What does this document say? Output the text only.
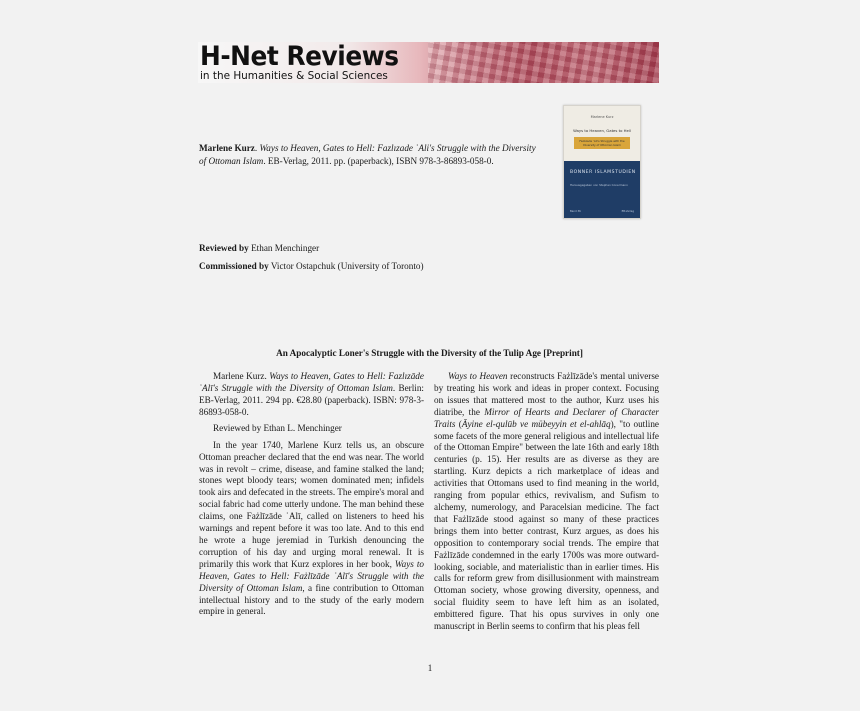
H-Net Reviews
in the Humanities & Social Sciences
Marlene Kurz. Ways to Heaven, Gates to Hell: Fazlızade ʿAli's Struggle with the Diversity of Ottoman Islam. EB-Verlag, 2011. pp. (paperback), ISBN 978-3-86893-058-0.
Marlene Kurz
Ways to Heaven, Gates to Hell
Fazlızade ʿAli's Struggle with the Diversity of Ottoman Islam
BONNER ISLAMSTUDIEN
Herausgegeben von Stephan Conermann
Band 36	EB-Verlag
Reviewed by Ethan Menchinger
Commissioned by Victor Ostapchuk (University of Toronto)
An Apocalyptic Loner's Struggle with the Diversity of the Tulip Age [Preprint]

Marlene Kurz. Ways to Heaven, Gates to Hell: Fazlızāde ʿAlī's Struggle with the Diversity of Ottoman Islam. Berlin: EB-Verlag, 2011. 294 pp. €28.80 (paperback). ISBN: 978-3-86893-058-0.

Reviewed by Ethan L. Menchinger

In the year 1740, Marlene Kurz tells us, an obscure Ottoman preacher declared that the end was near. The world was in revolt – crime, disease, and famine stalked the land; stones wept bloody tears; women dominated men; infidels took airs and defecated in the streets. The empire's moral and social fabric had come utterly undone. The man behind these claims, one Fażlīzāde ʿAlī, called on listeners to heed his warnings and repent before it was too late. And to this end he wrote a huge jeremiad in Turkish denouncing the corruption of his day and urging moral renewal. It is primarily this work that Kurz explores in her book, Ways to Heaven, Gates to Hell: Fażlīzāde ʿAlī's Struggle with the Diversity of Ottoman Islam, a fine contribution to Ottoman intellectual history and to the study of the early modern empire in general.

Ways to Heaven reconstructs Fażlīzāde's mental universe by treating his work and ideas in proper context. Focusing on issues that mattered most to the author, Kurz uses his diatribe, the Mirror of Hearts and Declarer of Character Traits (Āyine el-qulūb ve mübeyyin et el-ahlāq), "to outline some facets of the more general religious and intellectual life of the Ottoman Empire" between the late 16th and early 18th centuries (p. 15). Her results are as diverse as they are startling. Kurz depicts a rich marketplace of ideas and activities that Ottomans used to find meaning in the world, ranging from popular ethics, revivalism, and Sufism to alchemy, numerology, and Paracelsian medicine. The fact that Fażlīzāde stood against so many of these practices brings them into better contrast, Kurz argues, as does his opposition to contemporary social trends. The empire that Fażlīzāde condemned in the early 1700s was more outward-looking, sociable, and materialistic than in earlier times. His calls for reform grew from disillusionment with mainstream Ottoman society, whose growing diversity, openness, and social fluidity seem to have left him as an isolated, embittered figure. That his opus survives in only one manuscript in Berlin seems to confirm that his pleas fell

1
